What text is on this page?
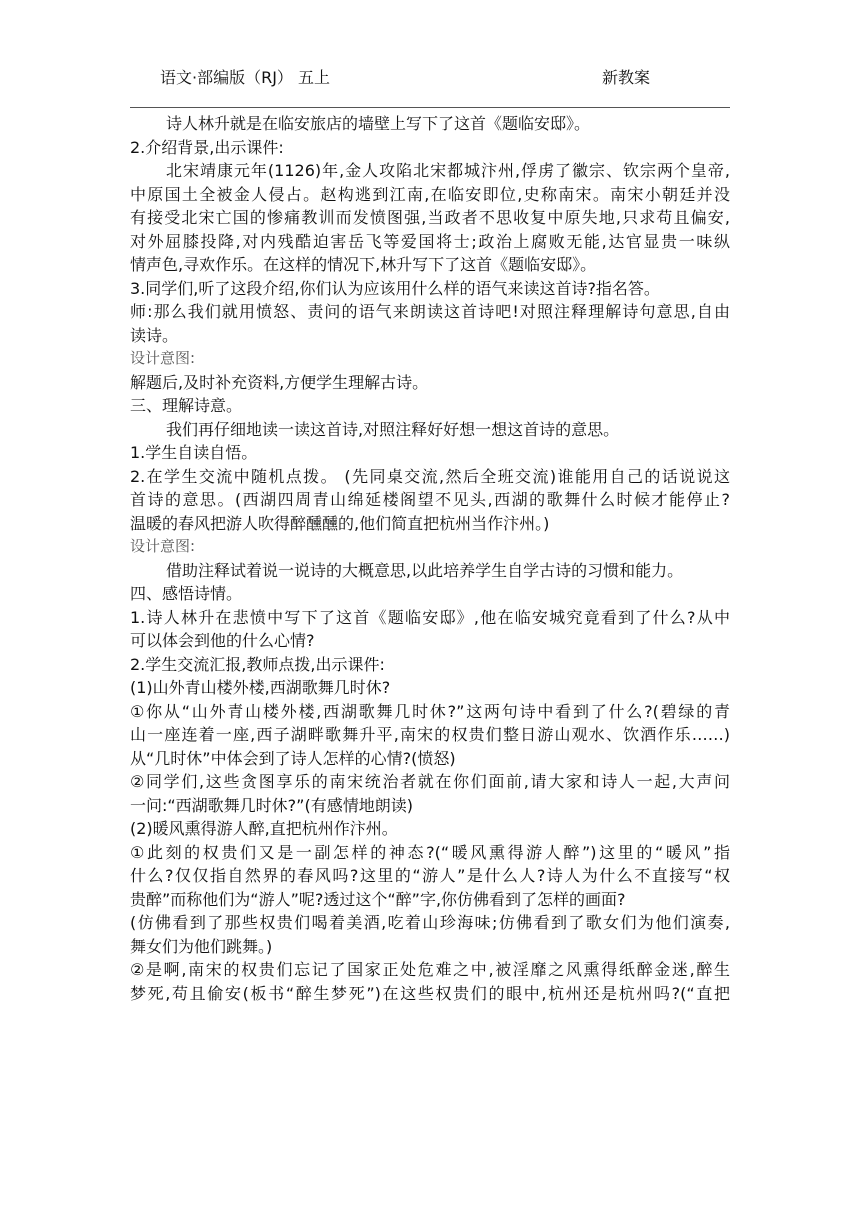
语文·部编版（RJ） 五上	新教案
诗人林升就是在临安旅店的墙壁上写下了这首《题临安邸》。
2.介绍背景,出示课件:
北宋靖康元年(1126)年,金人攻陷北宋都城汴州,俘虏了徽宗、钦宗两个皇帝,
中原国土全被金人侵占。赵构逃到江南,在临安即位,史称南宋。南宋小朝廷并没
有接受北宋亡国的惨痛教训而发愤图强,当政者不思收复中原失地,只求苟且偏安,
对外屈膝投降,对内残酷迫害岳飞等爱国将士;政治上腐败无能,达官显贵一味纵
情声色,寻欢作乐。在这样的情况下,林升写下了这首《题临安邸》。
3.同学们,听了这段介绍,你们认为应该用什么样的语气来读这首诗?指名答。
师:那么我们就用愤怒、责问的语气来朗读这首诗吧!对照注释理解诗句意思,自由
读诗。
设计意图:
解题后,及时补充资料,方便学生理解古诗。
三、理解诗意。
我们再仔细地读一读这首诗,对照注释好好想一想这首诗的意思。
1.学生自读自悟。
2.在学生交流中随机点拨。 (先同桌交流,然后全班交流)谁能用自己的话说说这
首诗的意思。(西湖四周青山绵延楼阁望不见头,西湖的歌舞什么时候才能停止?
温暖的春风把游人吹得醉醺醺的,他们简直把杭州当作汴州。)
设计意图:
借助注释试着说一说诗的大概意思,以此培养学生自学古诗的习惯和能力。
四、感悟诗情。
1.诗人林升在悲愤中写下了这首《题临安邸》,他在临安城究竟看到了什么?从中
可以体会到他的什么心情?
2.学生交流汇报,教师点拨,出示课件:
(1)山外青山楼外楼,西湖歌舞几时休?
①你从“山外青山楼外楼,西湖歌舞几时休?”这两句诗中看到了什么?(碧绿的青
山一座连着一座,西子湖畔歌舞升平,南宋的权贵们整日游山观水、饮酒作乐……)
从“几时休”中体会到了诗人怎样的心情?(愤怒)
②同学们,这些贪图享乐的南宋统治者就在你们面前,请大家和诗人一起,大声问
一问:“西湖歌舞几时休?”(有感情地朗读)
(2)暖风熏得游人醉,直把杭州作汴州。
①此刻的权贵们又是一副怎样的神态?(“暖风熏得游人醉”)这里的“暖风”指
什么?仅仅指自然界的春风吗?这里的“游人”是什么人?诗人为什么不直接写“权
贵醉”而称他们为“游人”呢?透过这个“醉”字,你仿佛看到了怎样的画面?
(仿佛看到了那些权贵们喝着美酒,吃着山珍海味;仿佛看到了歌女们为他们演奏,
舞女们为他们跳舞。)
②是啊,南宋的权贵们忘记了国家正处危难之中,被淫靡之风熏得纸醉金迷,醉生
梦死,苟且偷安(板书“醉生梦死”)在这些权贵们的眼中,杭州还是杭州吗?(“直把
